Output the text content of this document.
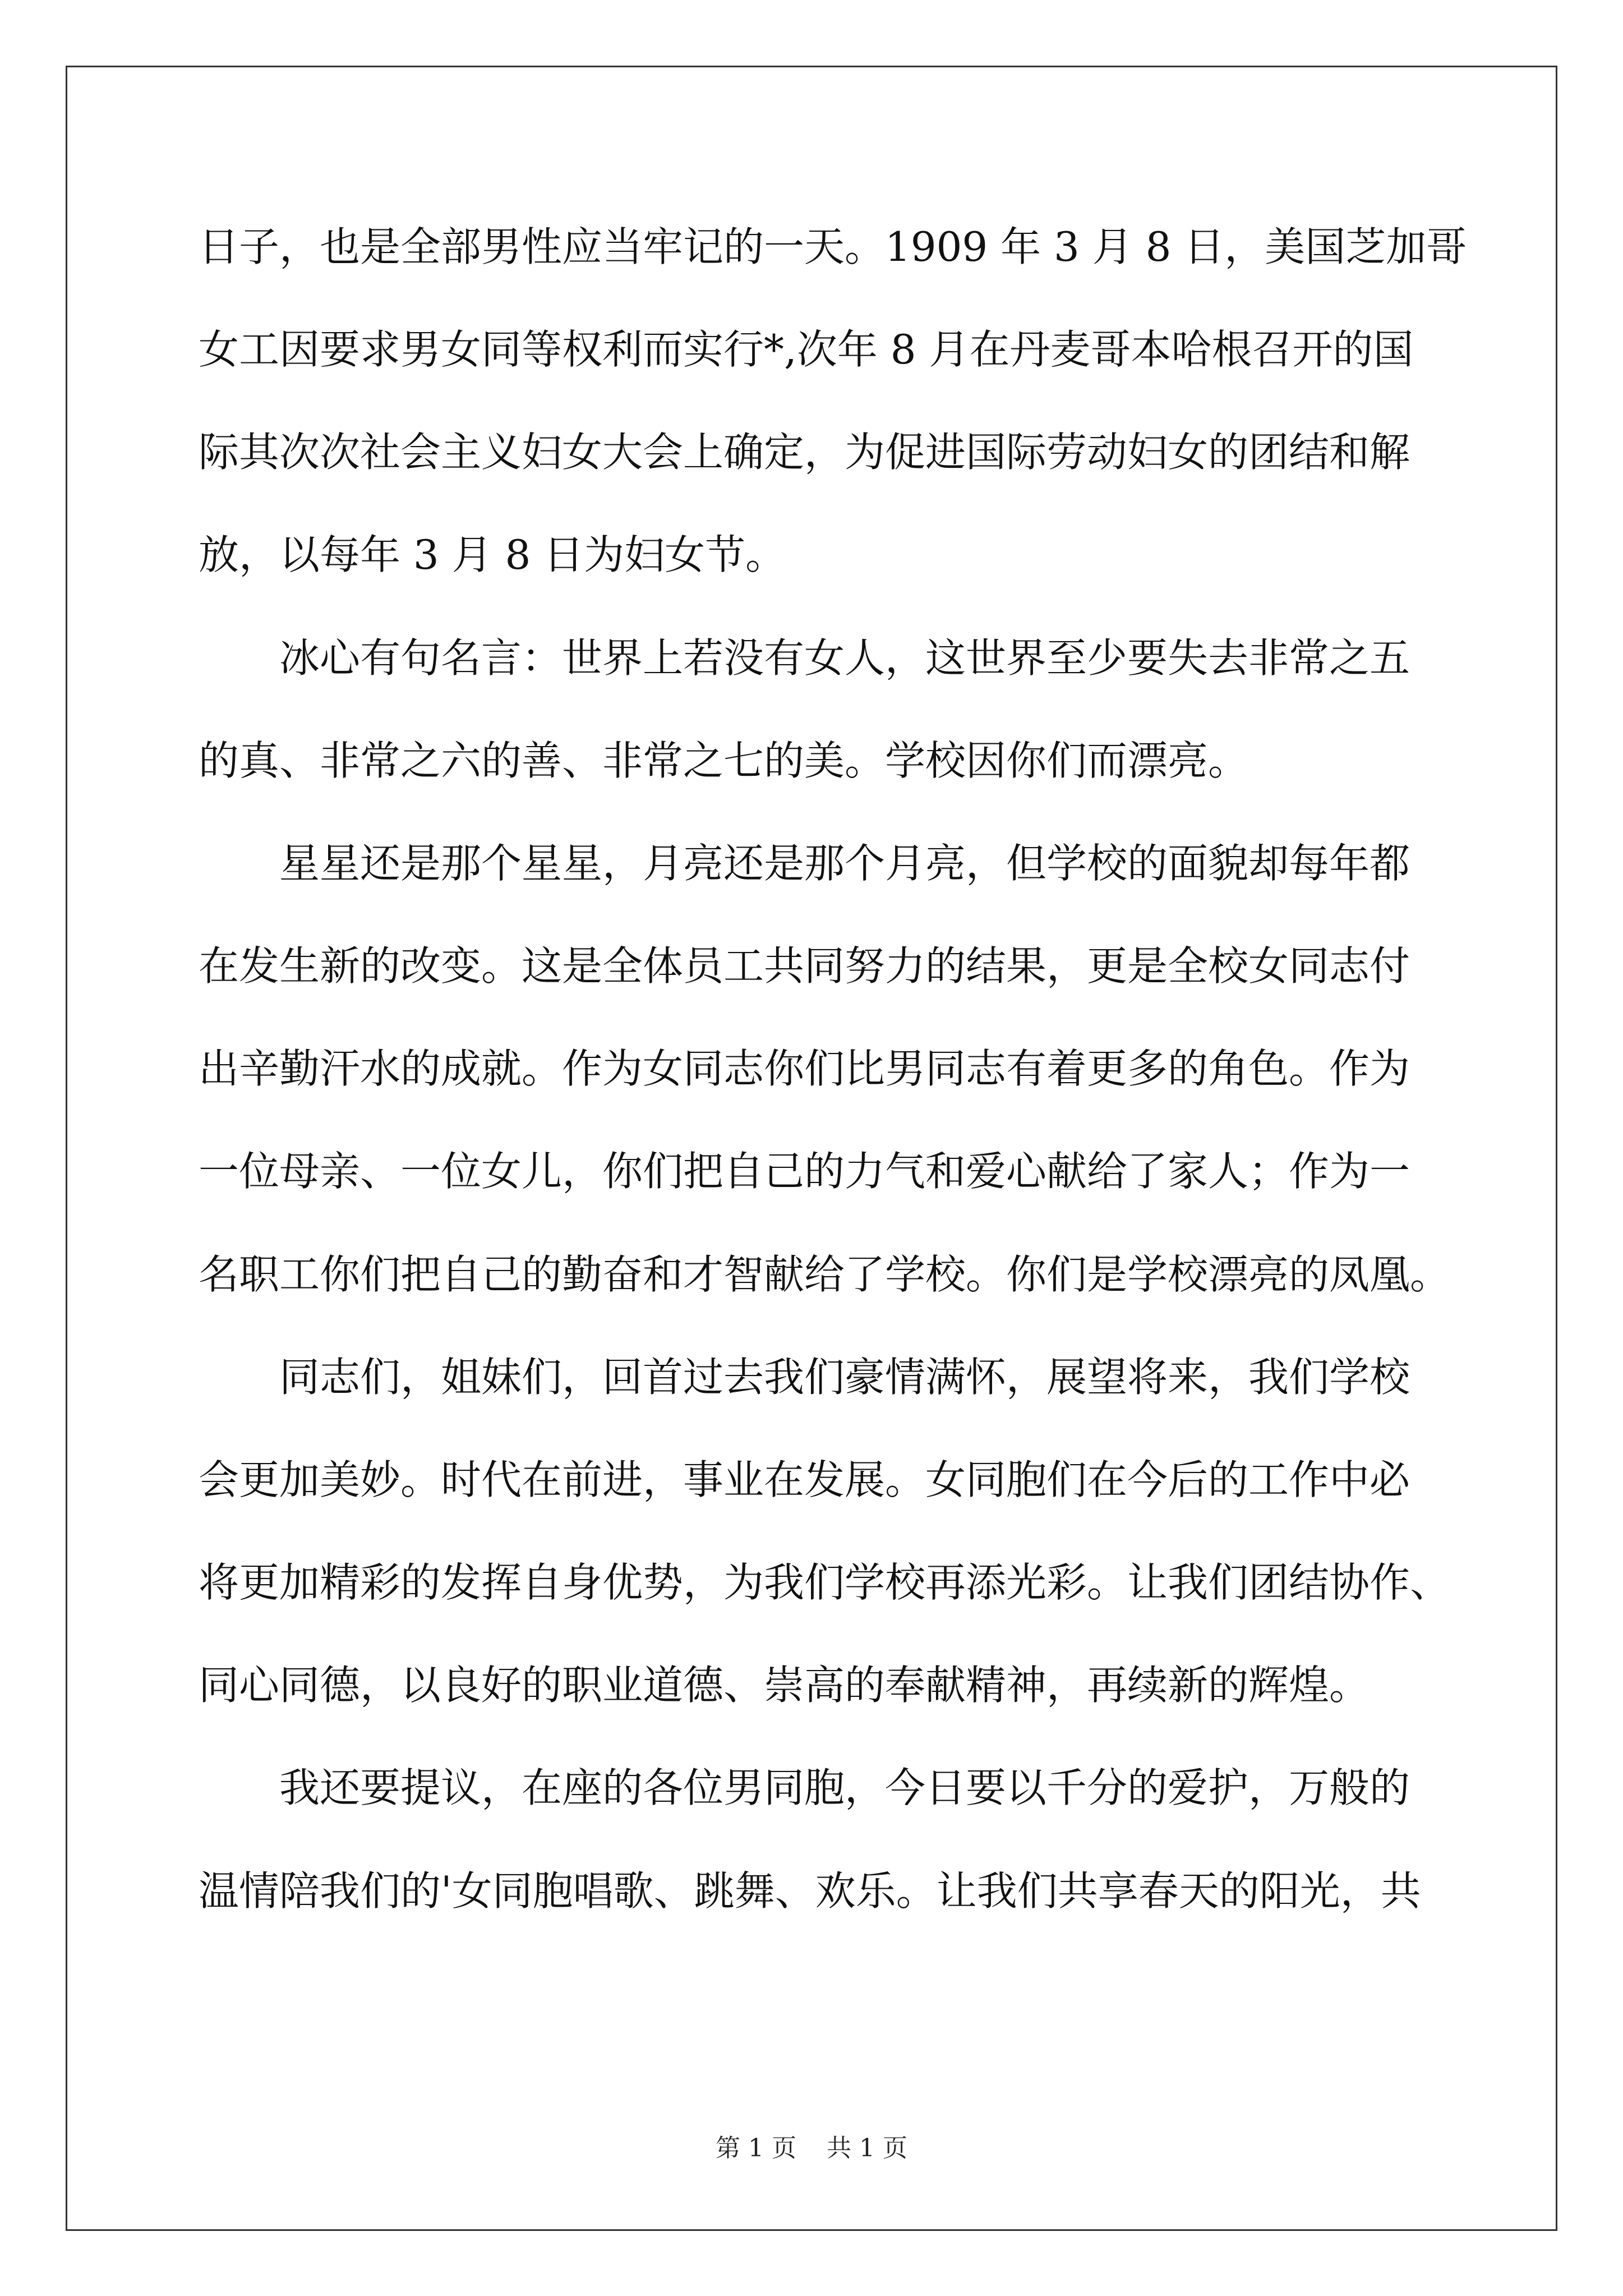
日子，也是全部男性应当牢记的一天。1909 年 3 月 8 日，美国芝加哥
女工因要求男女同等权利而实行*,次年 8 月在丹麦哥本哈根召开的国
际其次次社会主义妇女大会上确定，为促进国际劳动妇女的团结和解
放，以每年 3 月 8 日为妇女节。
冰心有句名言：世界上若没有女人，这世界至少要失去非常之五
的真、非常之六的善、非常之七的美。学校因你们而漂亮。
星星还是那个星星，月亮还是那个月亮，但学校的面貌却每年都
在发生新的改变。这是全体员工共同努力的结果，更是全校女同志付
出辛勤汗水的成就。作为女同志你们比男同志有着更多的角色。作为
一位母亲、一位女儿，你们把自己的力气和爱心献给了家人；作为一
名职工你们把自己的勤奋和才智献给了学校。你们是学校漂亮的凤凰。
同志们，姐妹们，回首过去我们豪情满怀，展望将来，我们学校
会更加美妙。时代在前进，事业在发展。女同胞们在今后的工作中必
将更加精彩的发挥自身优势，为我们学校再添光彩。让我们团结协作、
同心同德，以良好的职业道德、崇高的奉献精神，再续新的辉煌。
我还要提议，在座的各位男同胞，今日要以千分的爱护，万般的
温情陪我们的'女同胞唱歌、跳舞、欢乐。让我们共享春天的阳光，共
第 1 页 共 1 页
